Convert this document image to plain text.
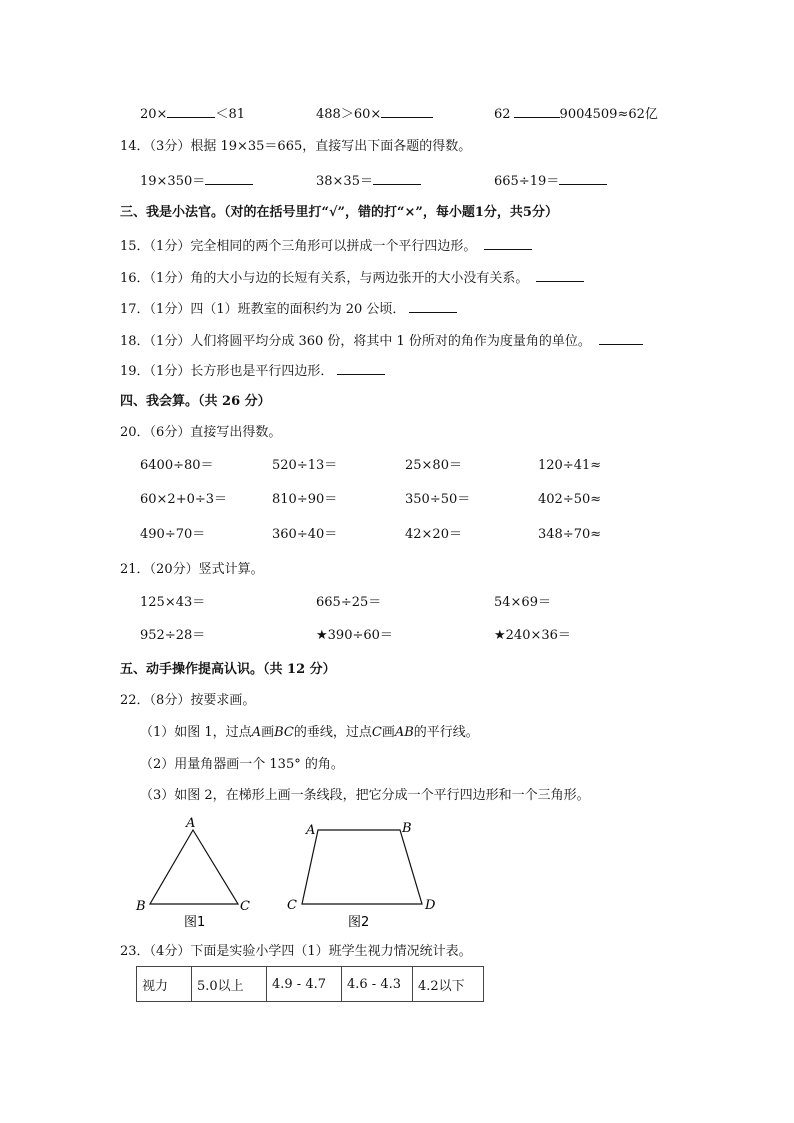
20×	＜81	488＞60×	62	9004509≈62亿
14．（3分）根据 19×35＝665，直接写出下面各题的得数。
19×350＝	38×35＝	665÷19＝
三、我是小法官。（对的在括号里打“√”，错的打“×”，每小题1分，共5分）
15．（1分）完全相同的两个三角形可以拼成一个平行四边形。
16．（1分）角的大小与边的长短有关系，与两边张开的大小没有关系。
17．（1分）四（1）班教室的面积约为 20 公顷．
18．（1分）人们将圆平均分成 360 份，将其中 1 份所对的角作为度量角的单位。
19．（1分）长方形也是平行四边形．
四、我会算。（共 26 分）
20．（6分）直接写出得数。
6400÷80＝	520÷13＝	25×80＝	120÷41≈
60×2+0÷3＝	810÷90＝	350÷50＝	402÷50≈
490÷70＝	360÷40＝	42×20＝	348÷70≈
21．（20分）竖式计算。
125×43＝	665÷25＝	54×69＝
952÷28＝	★390÷60＝	★240×36＝
五、动手操作提高认识。（共 12 分）
22．（8分）按要求画。
（1）如图 1，过点A画BC的垂线，过点C画AB的平行线。
（2）用量角器画一个 135° 的角。
（3）如图 2，在梯形上画一条线段，把它分成一个平行四边形和一个三角形。
A
B	C
图1
A	B
C	D
图2
23．（4分）下面是实验小学四（1）班学生视力情况统计表。
视力	5.0以上	4.9 - 4.7	4.6 - 4.3	4.2以下
